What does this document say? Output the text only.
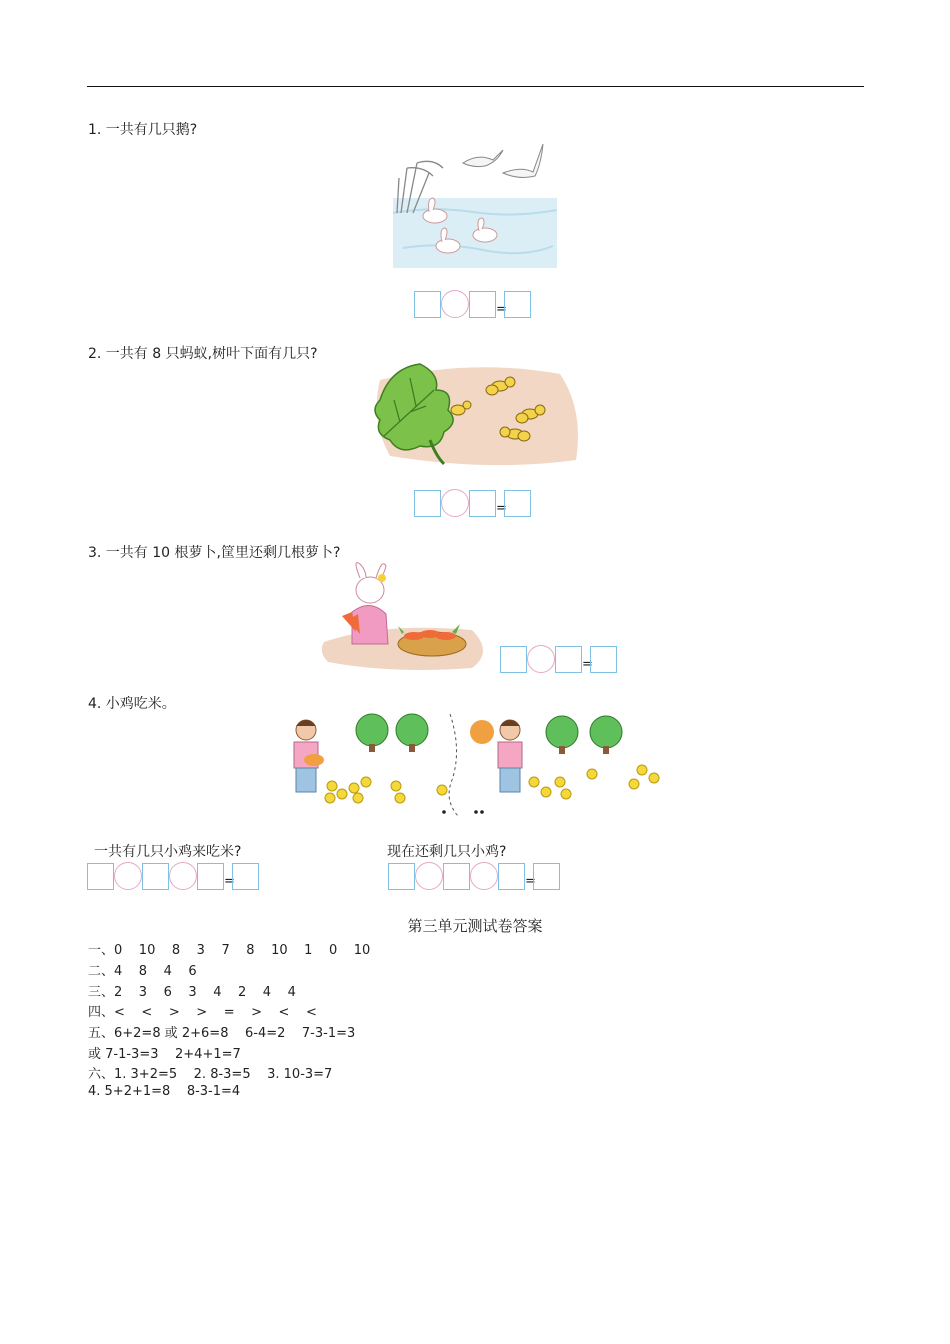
1. 一共有几只鹅?
=
2. 一共有 8 只蚂蚁,树叶下面有几只?
=
3. 一共有 10 根萝卜,筐里还剩几根萝卜?
=
4. 小鸡吃米。
一共有几只小鸡来吃米?	现在还剩几只小鸡?
=	=
第三单元测试卷答案
一、0    10    8    3    7    8    10    1    0    10
二、4    8    4    6
三、2    3    6    3    4    2    4    4
四、<    <    >    >    =    >    <    <
五、6+2=8 或 2+6=8    6-4=2    7-3-1=3
或 7-1-3=3    2+4+1=7
六、1. 3+2=5    2. 8-3=5    3. 10-3=7
4. 5+2+1=8    8-3-1=4
